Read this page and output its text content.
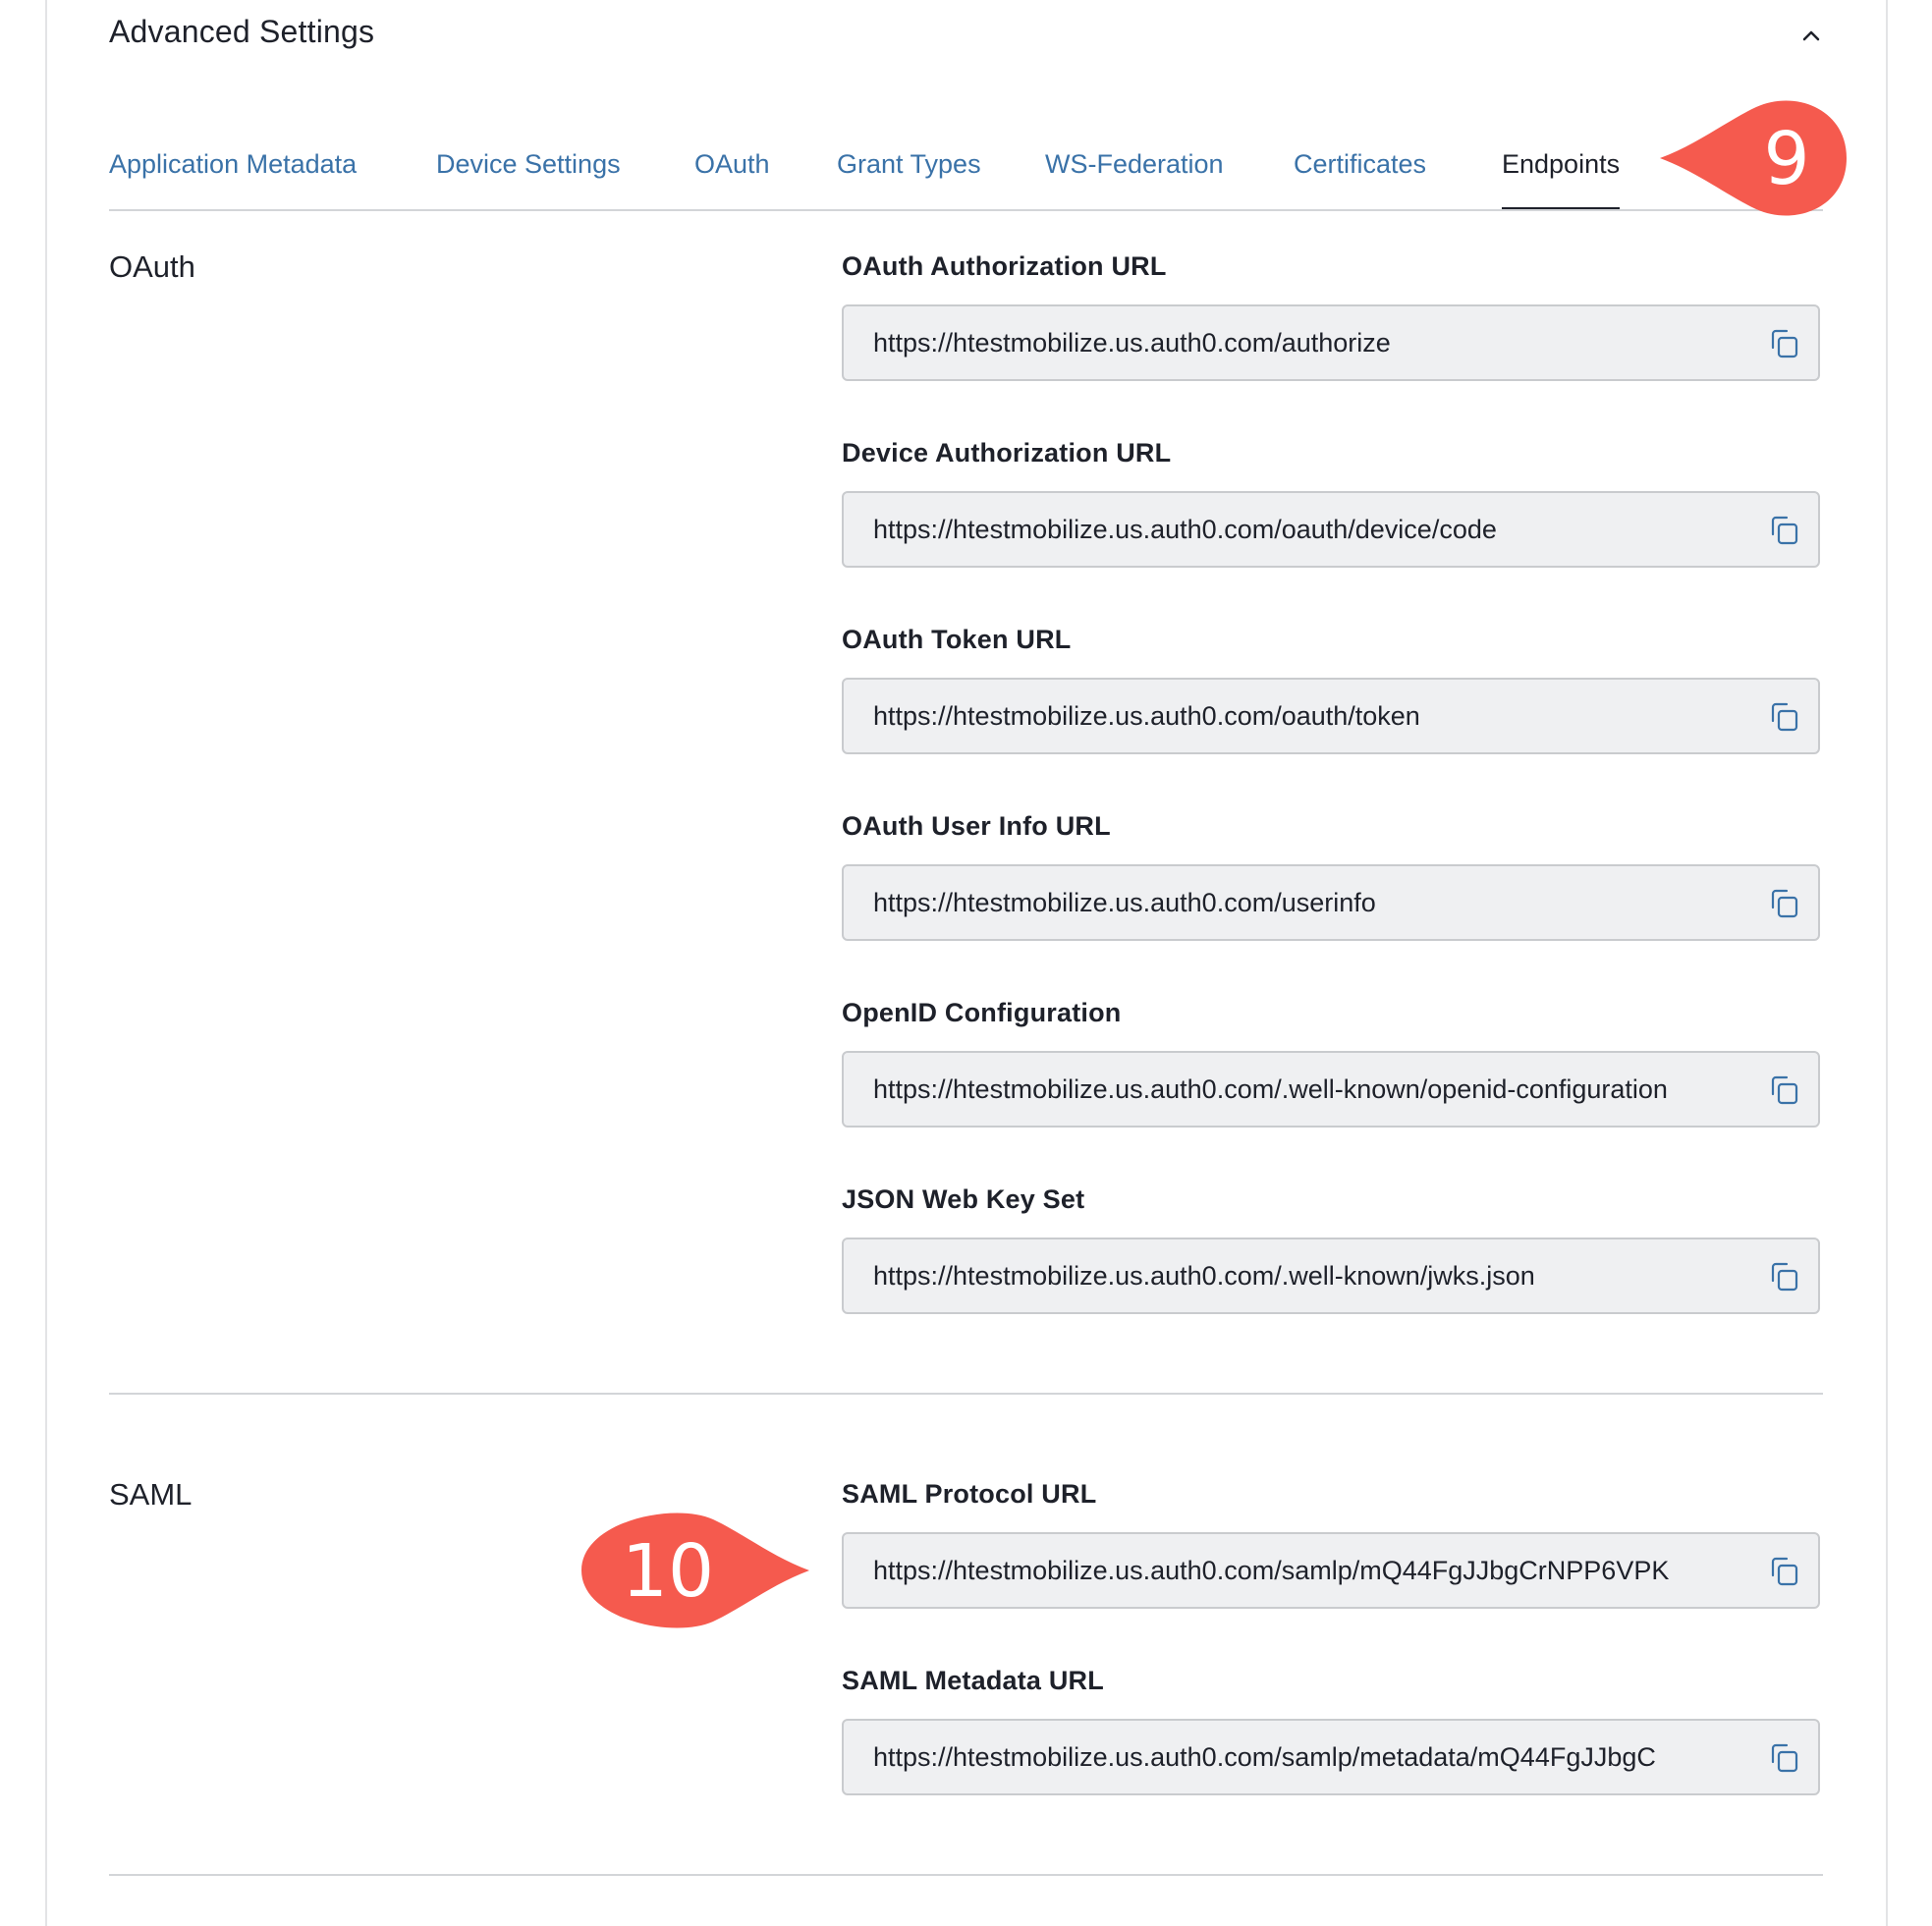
Advanced Settings
Application Metadata	Device Settings	OAuth	Grant Types WS-Federation	Certificates	Endpoints 9
OAuth	OAuth Authorization URL
https://htestmobilize.us.auth0.com/authorize
Device Authorization URL
https://htestmobilize.us.auth0.com/oauth/device/code
OAuth Token URL
https://htestmobilize.us.auth0.com/oauth/token
OAuth User Info URL
https://htestmobilize.us.auth0.com/userinfo
OpenID Configuration
https://htestmobilize.us.auth0.com/.well-known/openid-configuration
JSON Web Key Set
https://htestmobilize.us.auth0.com/.well-known/jwks.json
SAML	SAML Protocol URL
https://htestmobilize.us.auth0.com/samlp/mQ44FgJJbgCrNPP6VPK
SAML Metadata URL
https://htestmobilize.us.auth0.com/samlp/metadata/mQ44FgJJbgC
10
